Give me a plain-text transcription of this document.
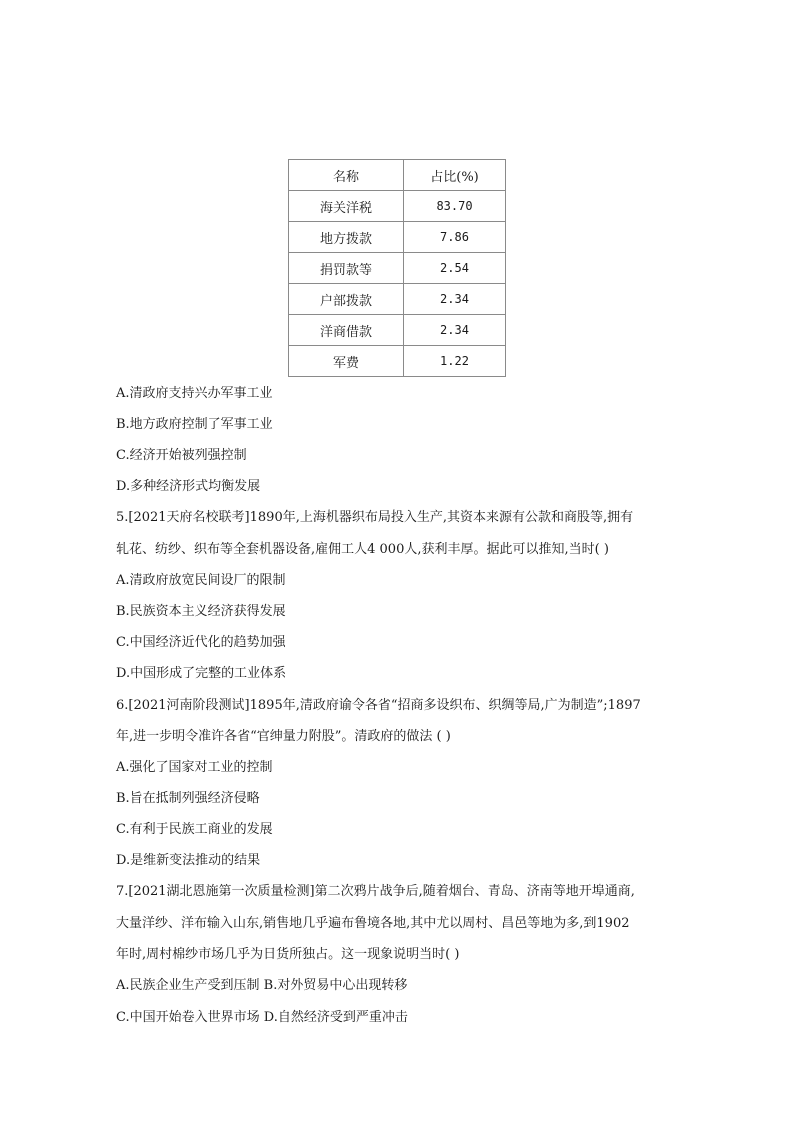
名称	占比(%)
海关洋税	83.70
地方拨款	7.86
捐罚款等	2.54
户部拨款	2.34
洋商借款	2.34
军费	1.22
A.清政府支持兴办军事工业
B.地方政府控制了军事工业
C.经济开始被列强控制
D.多种经济形式均衡发展
5.[2021天府名校联考]1890年,上海机器织布局投入生产,其资本来源有公款和商股等,拥有
轧花、纺纱、织布等全套机器设备,雇佣工人4 000人,获利丰厚。据此可以推知,当时( )
A.清政府放宽民间设厂的限制
B.民族资本主义经济获得发展
C.中国经济近代化的趋势加强
D.中国形成了完整的工业体系
6.[2021河南阶段测试]1895年,清政府谕令各省“招商多设织布、织绸等局,广为制造”;1897
年,进一步明令准许各省“官绅量力附股”。清政府的做法 ( )
A.强化了国家对工业的控制
B.旨在抵制列强经济侵略
C.有利于民族工商业的发展
D.是维新变法推动的结果
7.[2021湖北恩施第一次质量检测]第二次鸦片战争后,随着烟台、青岛、济南等地开埠通商,
大量洋纱、洋布输入山东,销售地几乎遍布鲁境各地,其中尤以周村、昌邑等地为多,到1902
年时,周村棉纱市场几乎为日货所独占。这一现象说明当时( )
A.民族企业生产受到压制 B.对外贸易中心出现转移
C.中国开始卷入世界市场 D.自然经济受到严重冲击
